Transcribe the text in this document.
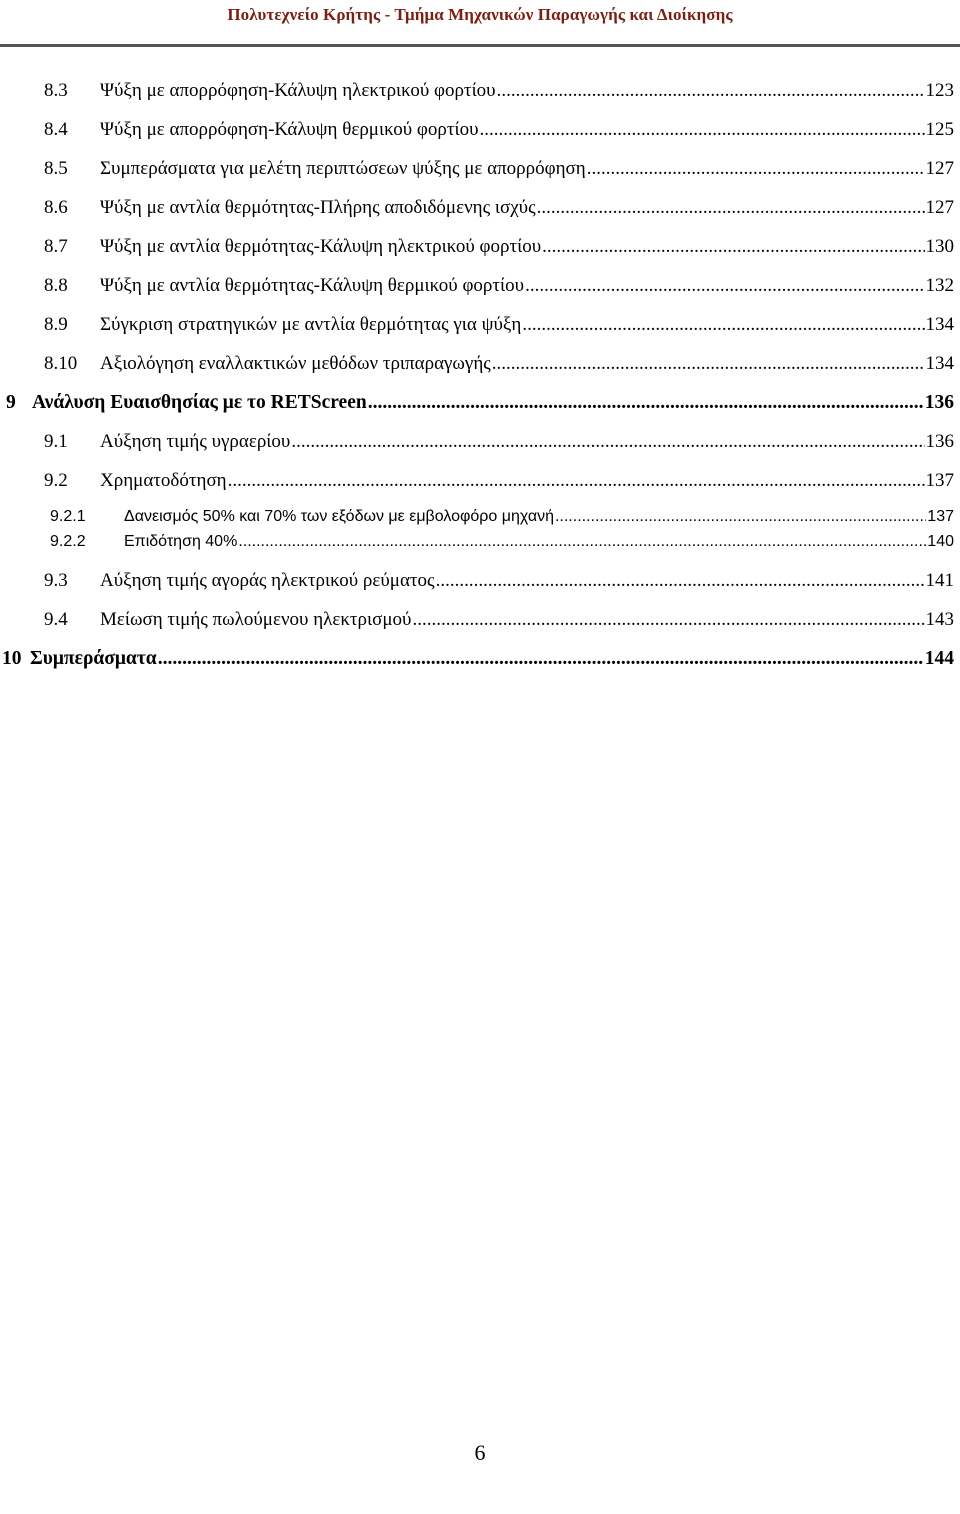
Πολυτεχνείο Κρήτης - Τμήμα Μηχανικών Παραγωγής και Διοίκησης
8.3	Ψύξη με απορρόφηση-Κάλυψη ηλεκτρικού φορτίου .....	123
8.4	Ψύξη με απορρόφηση-Κάλυψη θερμικού φορτίου .....	125
8.5	Συμπεράσματα για μελέτη περιπτώσεων ψύξης με απορρόφηση .....	127
8.6	Ψύξη με αντλία θερμότητας-Πλήρης αποδιδόμενης ισχύς .....	127
8.7	Ψύξη με αντλία θερμότητας-Κάλυψη ηλεκτρικού φορτίου .....	130
8.8	Ψύξη με αντλία θερμότητας-Κάλυψη θερμικού φορτίου .....	132
8.9	Σύγκριση στρατηγικών με αντλία θερμότητας για ψύξη .....	134
8.10	Αξιολόγηση εναλλακτικών μεθόδων τριπαραγωγής .....	134
9 Ανάλυση Ευαισθησίας με το RETScreen .....	136
9.1	Αύξηση τιμής υγραερίου .....	136
9.2	Χρηματοδότηση .....	137
9.2.1	Δανεισμός 50% και 70% των εξόδων με εμβολοφόρο μηχανή .....	137
9.2.2	Επιδότηση 40% .....	140
9.3	Αύξηση τιμής αγοράς ηλεκτρικού ρεύματος .....	141
9.4	Μείωση τιμής πωλούμενου ηλεκτρισμού .....	143
10 Συμπεράσματα .....	144
6
